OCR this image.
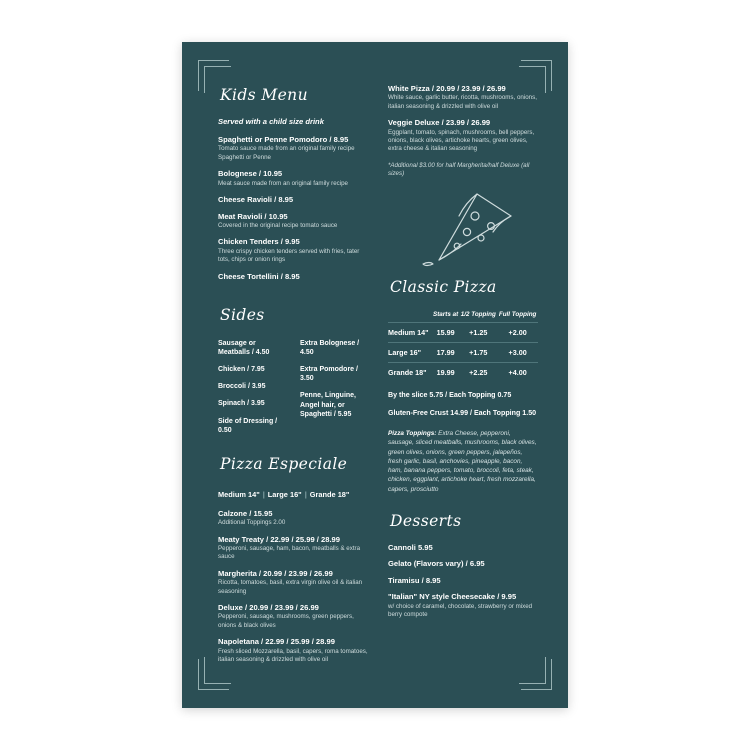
Kids Menu
Served with a child size drink
Spaghetti or Penne Pomodoro / 8.95
Tomato sauce made from an original family recipe Spaghetti or Penne
Bolognese / 10.95
Meat sauce made from an original family recipe
Cheese Ravioli / 8.95
Meat Ravioli / 10.95
Covered in the original recipe tomato sauce
Chicken Tenders / 9.95
Three crispy chicken tenders served with fries, tater tots, chips or onion rings
Cheese Tortellini / 8.95
Sides
Sausage or Meatballs / 4.50
Chicken / 7.95
Broccoli / 3.95
Spinach / 3.95
Side of Dressing / 0.50
Extra Bolognese / 4.50
Extra Pomodore / 3.50
Penne, Linguine, Angel hair, or Spaghetti / 5.95
Pizza Especiale
Medium 14" | Large 16" | Grande 18"
Calzone / 15.95
Additional Toppings 2.00
Meaty Treaty / 22.99 / 25.99 / 28.99
Pepperoni, sausage, ham, bacon, meatballs & extra sauce
Margherita / 20.99 / 23.99 / 26.99
Ricotta, tomatoes, basil, extra virgin olive oil & italian seasoning
Deluxe / 20.99 / 23.99 / 26.99
Pepperoni, sausage, mushrooms, green peppers, onions & black olives
Napoletana / 22.99 / 25.99 / 28.99
Fresh sliced Mozzarella, basil, capers, roma tomatoes, italian seasoning & drizzled with olive oil
White Pizza / 20.99 / 23.99 / 26.99
White sauce, garlic butter, ricotta, mushrooms, onions, italian seasoning & drizzled with olive oil
Veggie Deluxe / 23.99 / 26.99
Eggplant, tomato, spinach, mushrooms, bell peppers, onions, black olives, artichoke hearts, green olives, extra cheese & italian seasoning
*Additional $3.00 for half Margherita/half Deluxe (all sizes)
Classic Pizza
	Starts at	1/2 Topping	Full Topping
Medium 14"	15.99	+1.25	+2.00
Large 16"	17.99	+1.75	+3.00
Grande 18"	19.99	+2.25	+4.00
By the slice 5.75 / Each Topping 0.75
Gluten-Free Crust 14.99 / Each Topping 1.50
Pizza Toppings: Extra Cheese, pepperoni, sausage, sliced meatballs, mushrooms, black olives, green olives, onions, green peppers, jalapeños, fresh garlic, basil, anchovies, pineapple, bacon, ham, banana peppers, tomato, broccoli, feta, steak, chicken, eggplant, artichoke heart, fresh mozzarella, capers, prosciutto
Desserts
Cannoli 5.95
Gelato (Flavors vary) / 6.95
Tiramisu / 8.95
"Italian" NY style Cheesecake / 9.95
w/ choice of caramel, chocolate, strawberry or mixed berry compote
